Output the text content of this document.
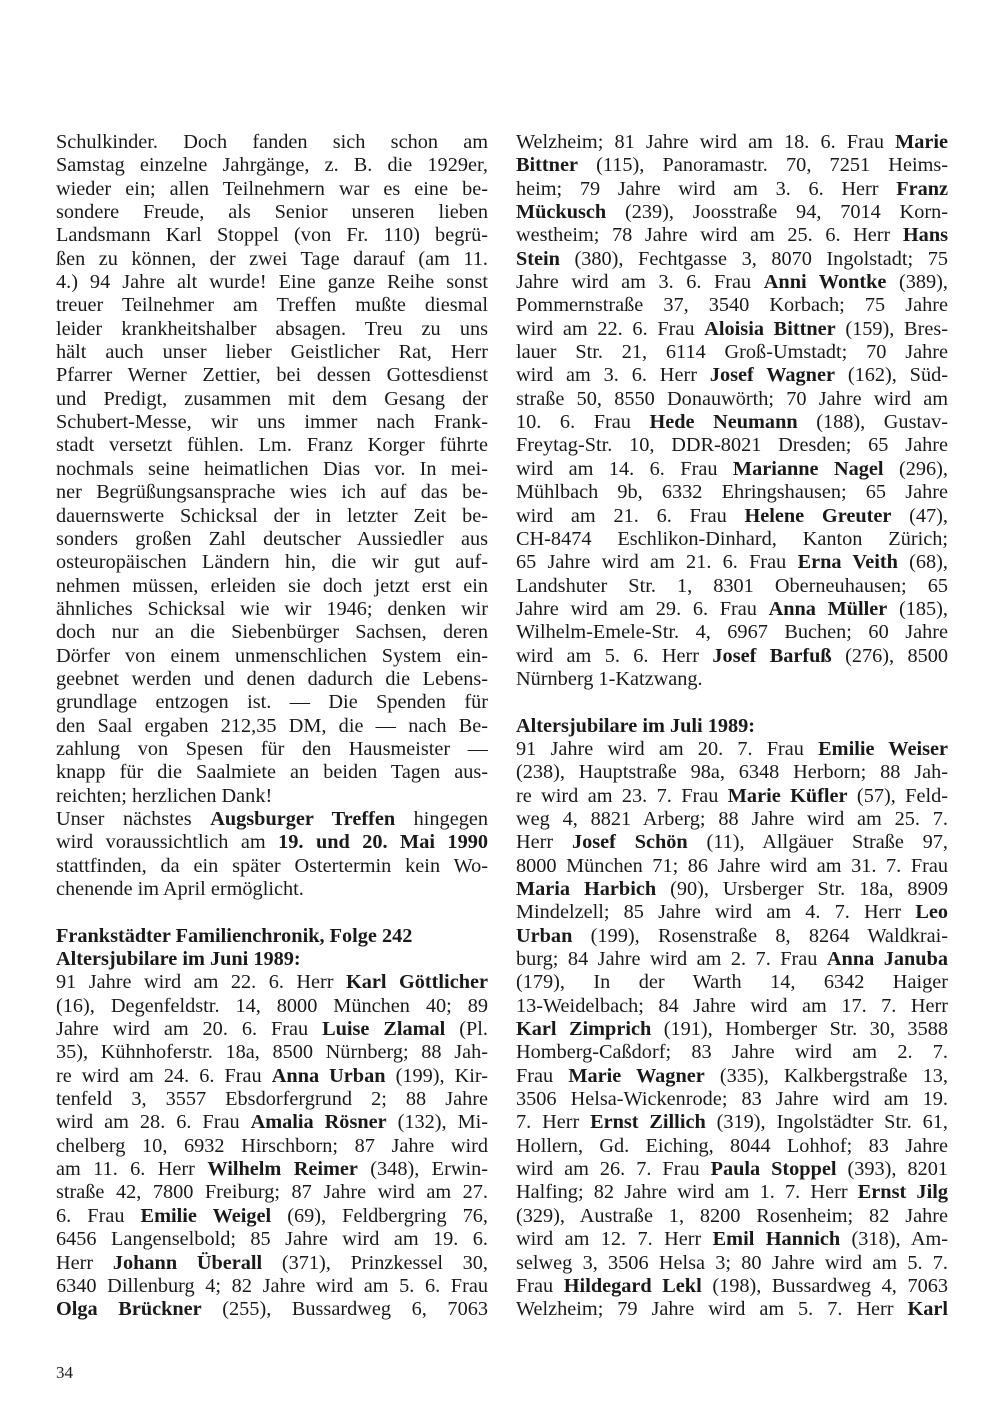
Schulkinder. Doch fanden sich schon am
Samstag einzelne Jahrgänge, z. B. die 1929er,
wieder ein; allen Teilnehmern war es eine be-
sondere Freude, als Senior unseren lieben
Landsmann Karl Stoppel (von Fr. 110) begrü-
ßen zu können, der zwei Tage darauf (am 11.
4.) 94 Jahre alt wurde! Eine ganze Reihe sonst
treuer Teilnehmer am Treffen mußte diesmal
leider krankheitshalber absagen. Treu zu uns
hält auch unser lieber Geistlicher Rat, Herr
Pfarrer Werner Zettier, bei dessen Gottesdienst
und Predigt, zusammen mit dem Gesang der
Schubert-Messe, wir uns immer nach Frank-
stadt versetzt fühlen. Lm. Franz Korger führte
nochmals seine heimatlichen Dias vor. In mei-
ner Begrüßungsansprache wies ich auf das be-
dauernswerte Schicksal der in letzter Zeit be-
sonders großen Zahl deutscher Aussiedler aus
osteuropäischen Ländern hin, die wir gut auf-
nehmen müssen, erleiden sie doch jetzt erst ein
ähnliches Schicksal wie wir 1946; denken wir
doch nur an die Siebenbürger Sachsen, deren
Dörfer von einem unmenschlichen System ein-
geebnet werden und denen dadurch die Lebens-
grundlage entzogen ist. — Die Spenden für
den Saal ergaben 212,35 DM, die — nach Be-
zahlung von Spesen für den Hausmeister —
knapp für die Saalmiete an beiden Tagen aus-
reichten; herzlichen Dank!
Unser nächstes Augsburger Treffen hingegen
wird voraussichtlich am 19. und 20. Mai 1990
stattfinden, da ein später Ostertermin kein Wo-
chenende im April ermöglicht.
Frankstädter Familienchronik, Folge 242
Altersjubilare im Juni 1989:
91 Jahre wird am 22. 6. Herr Karl Göttlicher
(16), Degenfeldstr. 14, 8000 München 40; 89
Jahre wird am 20. 6. Frau Luise Zlamal (Pl.
35), Kühnhoferstr. 18a, 8500 Nürnberg; 88 Jah-
re wird am 24. 6. Frau Anna Urban (199), Kir-
tenfeld 3, 3557 Ebsdorfergrund 2; 88 Jahre
wird am 28. 6. Frau Amalia Rösner (132), Mi-
chelberg 10, 6932 Hirschborn; 87 Jahre wird
am 11. 6. Herr Wilhelm Reimer (348), Erwin-
straße 42, 7800 Freiburg; 87 Jahre wird am 27.
6. Frau Emilie Weigel (69), Feldbergring 76,
6456 Langenselbold; 85 Jahre wird am 19. 6.
Herr Johann Überall (371), Prinzkessel 30,
6340 Dillenburg 4; 82 Jahre wird am 5. 6. Frau
Olga Brückner (255), Bussardweg 6, 7063
Welzheim; 81 Jahre wird am 18. 6. Frau Marie
Bittner (115), Panoramastr. 70, 7251 Heims-
heim; 79 Jahre wird am 3. 6. Herr Franz
Mückusch (239), Joosstraße 94, 7014 Korn-
westheim; 78 Jahre wird am 25. 6. Herr Hans
Stein (380), Fechtgasse 3, 8070 Ingolstadt; 75
Jahre wird am 3. 6. Frau Anni Wontke (389),
Pommernstraße 37, 3540 Korbach; 75 Jahre
wird am 22. 6. Frau Aloisia Bittner (159), Bres-
lauer Str. 21, 6114 Groß-Umstadt; 70 Jahre
wird am 3. 6. Herr Josef Wagner (162), Süd-
straße 50, 8550 Donauwörth; 70 Jahre wird am
10. 6. Frau Hede Neumann (188), Gustav-
Freytag-Str. 10, DDR-8021 Dresden; 65 Jahre
wird am 14. 6. Frau Marianne Nagel (296),
Mühlbach 9b, 6332 Ehringshausen; 65 Jahre
wird am 21. 6. Frau Helene Greuter (47),
CH-8474 Eschlikon-Dinhard, Kanton Zürich;
65 Jahre wird am 21. 6. Frau Erna Veith (68),
Landshuter Str. 1, 8301 Oberneuhausen; 65
Jahre wird am 29. 6. Frau Anna Müller (185),
Wilhelm-Emele-Str. 4, 6967 Buchen; 60 Jahre
wird am 5. 6. Herr Josef Barfuß (276), 8500
Nürnberg 1-Katzwang.
Altersjubilare im Juli 1989:
91 Jahre wird am 20. 7. Frau Emilie Weiser
(238), Hauptstraße 98a, 6348 Herborn; 88 Jah-
re wird am 23. 7. Frau Marie Küfler (57), Feld-
weg 4, 8821 Arberg; 88 Jahre wird am 25. 7.
Herr Josef Schön (11), Allgäuer Straße 97,
8000 München 71; 86 Jahre wird am 31. 7. Frau
Maria Harbich (90), Ursberger Str. 18a, 8909
Mindelzell; 85 Jahre wird am 4. 7. Herr Leo
Urban (199), Rosenstraße 8, 8264 Waldkrai-
burg; 84 Jahre wird am 2. 7. Frau Anna Januba
(179), In der Warth 14, 6342 Haiger
13-Weidelbach; 84 Jahre wird am 17. 7. Herr
Karl Zimprich (191), Homberger Str. 30, 3588
Homberg-Caßdorf; 83 Jahre wird am 2. 7.
Frau Marie Wagner (335), Kalkbergstraße 13,
3506 Helsa-Wickenrode; 83 Jahre wird am 19.
7. Herr Ernst Zillich (319), Ingolstädter Str. 61,
Hollern, Gd. Eiching, 8044 Lohhof; 83 Jahre
wird am 26. 7. Frau Paula Stoppel (393), 8201
Halfing; 82 Jahre wird am 1. 7. Herr Ernst Jilg
(329), Austraße 1, 8200 Rosenheim; 82 Jahre
wird am 12. 7. Herr Emil Hannich (318), Am-
selweg 3, 3506 Helsa 3; 80 Jahre wird am 5. 7.
Frau Hildegard Lekl (198), Bussardweg 4, 7063
Welzheim; 79 Jahre wird am 5. 7. Herr Karl
34
